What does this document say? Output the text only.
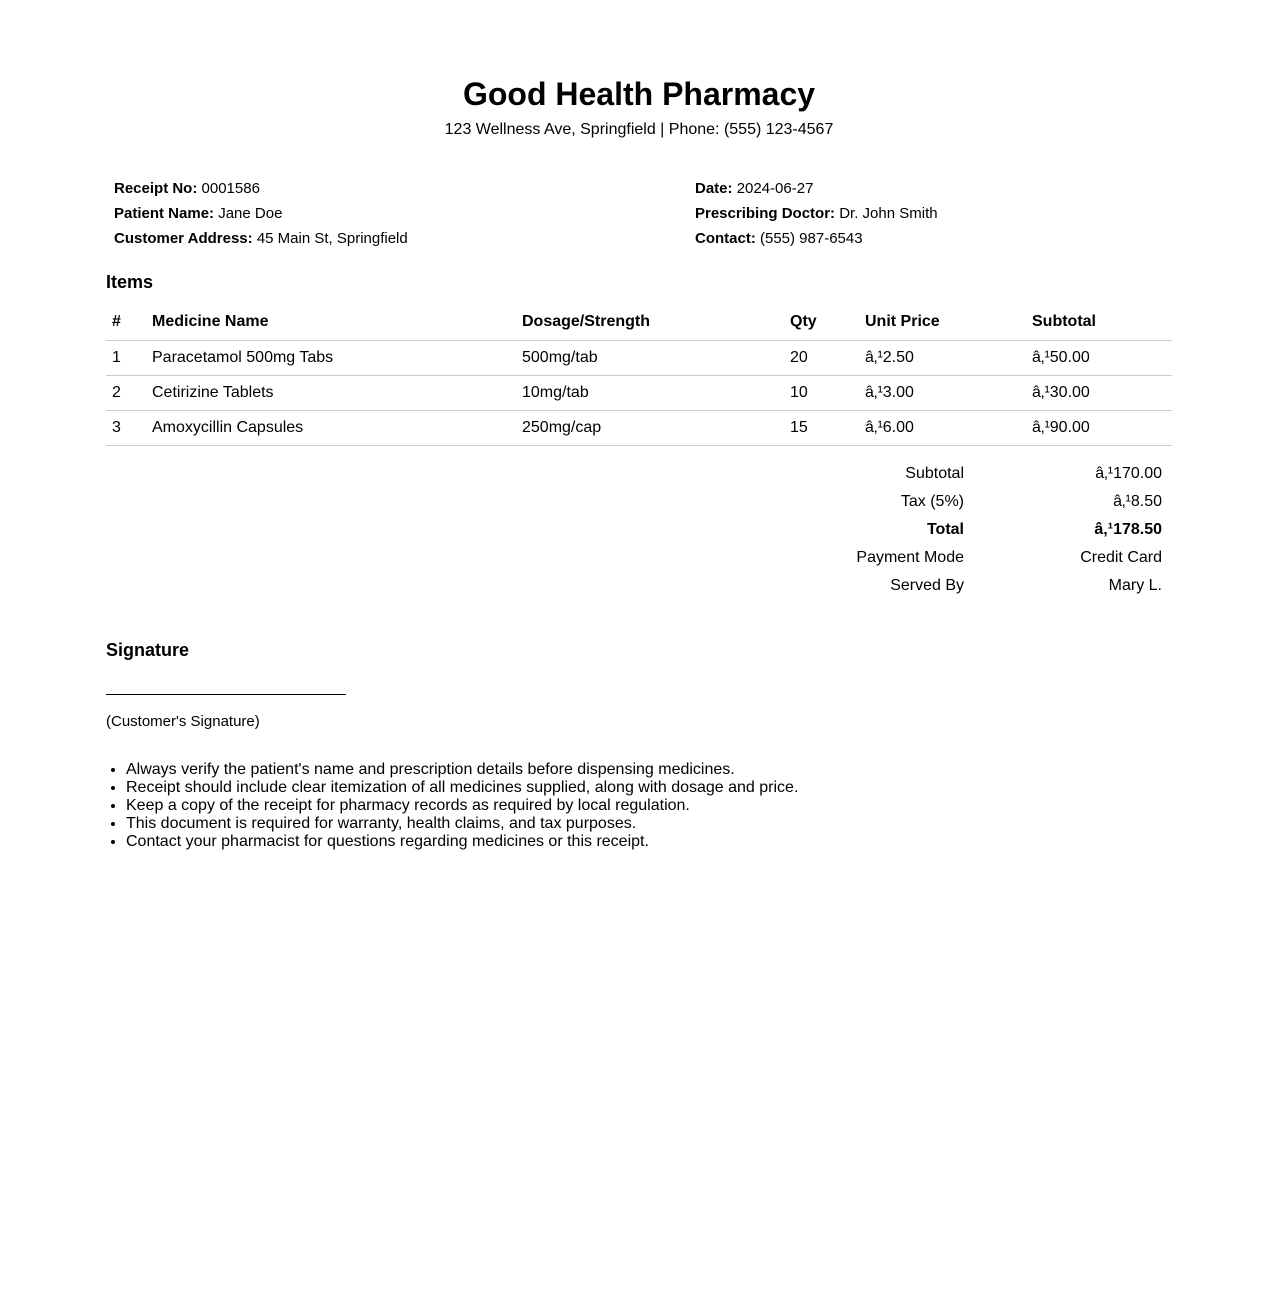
Good Health Pharmacy
123 Wellness Ave, Springfield | Phone: (555) 123-4567
Receipt No: 0001586
Patient Name: Jane Doe
Customer Address: 45 Main St, Springfield
Date: 2024-06-27
Prescribing Doctor: Dr. John Smith
Contact: (555) 987-6543
Items
#	Medicine Name	Dosage/Strength	Qty	Unit Price	Subtotal
1	Paracetamol 500mg Tabs	500mg/tab	20	â‚¹2.50	â‚¹50.00
2	Cetirizine Tablets	10mg/tab	10	â‚¹3.00	â‚¹30.00
3	Amoxycillin Capsules	250mg/cap	15	â‚¹6.00	â‚¹90.00
Subtotal	â‚¹170.00
Tax (5%)	â‚¹8.50
Total	â‚¹178.50
Payment Mode	Credit Card
Served By	Mary L.
Signature
(Customer's Signature)
• Always verify the patient's name and prescription details before dispensing medicines.
• Receipt should include clear itemization of all medicines supplied, along with dosage and price.
• Keep a copy of the receipt for pharmacy records as required by local regulation.
• This document is required for warranty, health claims, and tax purposes.
• Contact your pharmacist for questions regarding medicines or this receipt.
